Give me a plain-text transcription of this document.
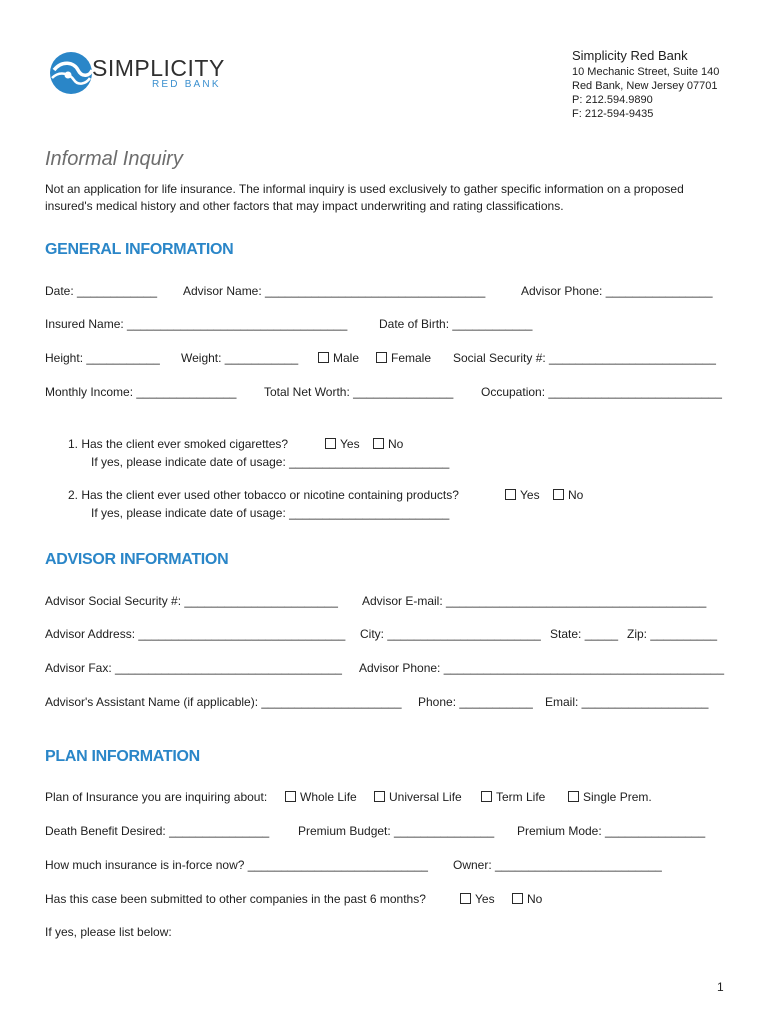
SIMPLICITY
RED BANK
Simplicity Red Bank
10 Mechanic Street, Suite 140
Red Bank, New Jersey 07701
P: 212.594.9890
F: 212-594-9435
Informal Inquiry
Not an application for life insurance. The informal inquiry is used exclusively to gather specific information on a proposed
insured's medical history and other factors that may impact underwriting and rating classifications.
GENERAL INFORMATION
Date: ____________ Advisor Name: _________________________________	Advisor Phone: ________________
Insured Name: _________________________________	Date of Birth: ____________
Height: ___________ Weight: ___________	Male	Female Social Security #: _________________________
Monthly Income: _______________ Total Net Worth: _______________ Occupation: __________________________
1. Has the client ever smoked cigarettes?	Yes	No
If yes, please indicate date of usage: ________________________
2. Has the client ever used other tobacco or nicotine containing products?	Yes	No
If yes, please indicate date of usage: ________________________
ADVISOR INFORMATION
Advisor Social Security #: _______________________ Advisor E-mail: _______________________________________
Advisor Address: _______________________________ City: _______________________ State: _____ Zip: __________
Advisor Fax: __________________________________ Advisor Phone: __________________________________________
Advisor's Assistant Name (if applicable): _____________________ Phone: ___________ Email: ___________________
PLAN INFORMATION
Plan of Insurance you are inquiring about:	Whole Life	Universal Life	Term Life	Single Prem.
Death Benefit Desired: _______________ Premium Budget: _______________ Premium Mode: _______________
How much insurance is in-force now? ___________________________ Owner: _________________________
Has this case been submitted to other companies in the past 6 months?	Yes	No
If yes, please list below:
1
